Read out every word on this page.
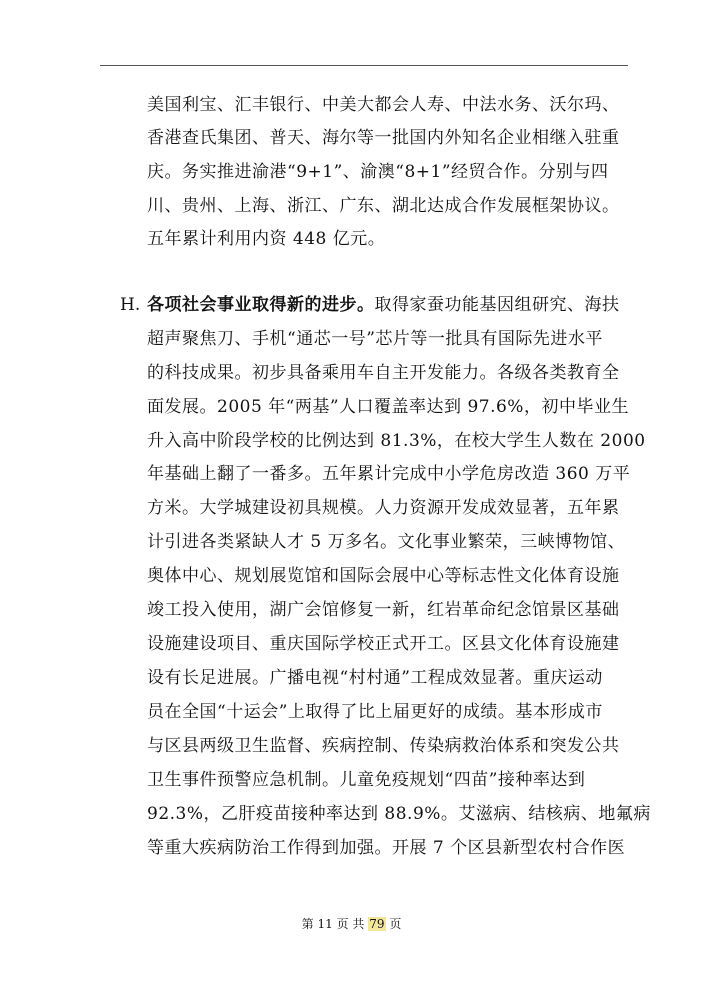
美国利宝、汇丰银行、中美大都会人寿、中法水务、沃尔玛、
香港查氏集团、普天、海尔等一批国内外知名企业相继入驻重
庆。务实推进渝港“9+1”、渝澳“8+1”经贸合作。分别与四
川、贵州、上海、浙江、广东、湖北达成合作发展框架协议。
五年累计利用内资 448 亿元。
H. 各项社会事业取得新的进步。取得家蚕功能基因组研究、海扶
超声聚焦刀、手机“通芯一号”芯片等一批具有国际先进水平
的科技成果。初步具备乘用车自主开发能力。各级各类教育全
面发展。2005 年“两基”人口覆盖率达到 97.6%，初中毕业生
升入高中阶段学校的比例达到 81.3%，在校大学生人数在 2000
年基础上翻了一番多。五年累计完成中小学危房改造 360 万平
方米。大学城建设初具规模。人力资源开发成效显著，五年累
计引进各类紧缺人才 5 万多名。文化事业繁荣，三峡博物馆、
奥体中心、规划展览馆和国际会展中心等标志性文化体育设施
竣工投入使用，湖广会馆修复一新，红岩革命纪念馆景区基础
设施建设项目、重庆国际学校正式开工。区县文化体育设施建
设有长足进展。广播电视“村村通”工程成效显著。重庆运动
员在全国“十运会”上取得了比上届更好的成绩。基本形成市
与区县两级卫生监督、疾病控制、传染病救治体系和突发公共
卫生事件预警应急机制。儿童免疫规划“四苗”接种率达到
92.3%，乙肝疫苗接种率达到 88.9%。艾滋病、结核病、地氟病
等重大疾病防治工作得到加强。开展 7 个区县新型农村合作医
第 11 页 共 79 页
